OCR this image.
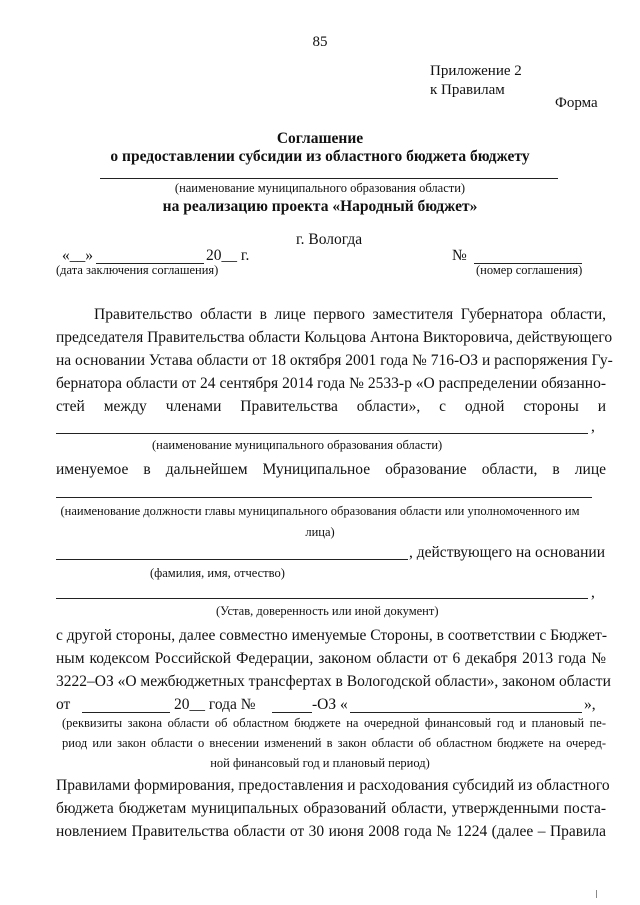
85
Приложение 2
к Правилам
Форма
Соглашение
о предоставлении субсидии из областного бюджета бюджету
(наименование муниципального образования области)
на реализацию проекта «Народный бюджет»
г. Вологда
«__»	20__ г.
(дата заключения соглашения)
№
(номер соглашения)
Правительство области в лице первого заместителя Губернатора области,
председателя Правительства области Кольцова Антона Викторовича, действующего
на основании Устава области от 18 октября 2001 года № 716-ОЗ и распоряжения Гу-
бернатора области от 24 сентября 2014 года № 2533-р «О распределении обязанно-
стей между членами Правительства области», с одной стороны и
,
(наименование муниципального образования области)
именуемое в дальнейшем Муниципальное образование области, в лице
(наименование должности главы муниципального образования области или уполномоченного им
лица)
, действующего на основании
(фамилия, имя, отчество)
,
(Устав, доверенность или иной документ)
с другой стороны, далее совместно именуемые Стороны, в соответствии с Бюджет-
ным кодексом Российской Федерации, законом области от 6 декабря 2013 года №
3222–ОЗ «О межбюджетных трансфертах в Вологодской области», законом области
от	20__ года №	-ОЗ «	»,
(реквизиты закона области об областном бюджете на очередной финансовый год и плановый пе-
риод или закон области о внесении изменений в закон области об областном бюджете на очеред-
ной финансовый год и плановый период)
Правилами формирования, предоставления и расходования субсидий из областного
бюджета бюджетам муниципальных образований области, утвержденными поста-
новлением Правительства области от 30 июня 2008 года № 1224 (далее – Правила
